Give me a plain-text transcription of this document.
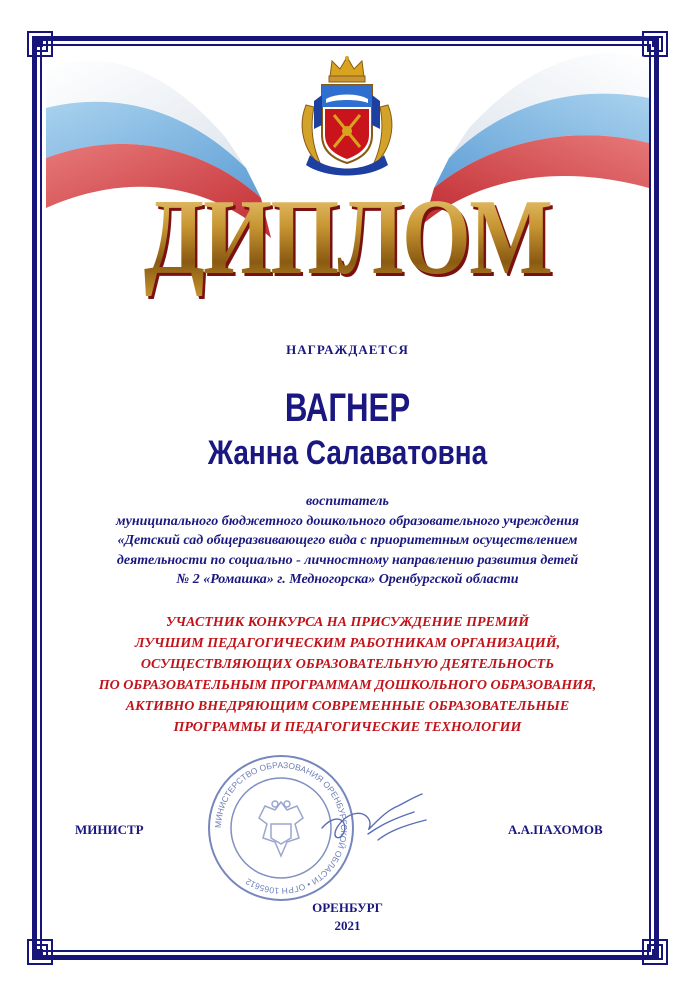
ДИПЛОМ
НАГРАЖДАЕТСЯ
ВАГНЕР
Жанна Салаватовна
воспитатель
муниципального бюджетного дошкольного образовательного учреждения
«Детский сад общеразвивающего вида с приоритетным осуществлением
деятельности по социально - личностному направлению развития детей
№ 2 «Ромашка» г. Медногорска» Оренбургской области
УЧАСТНИК КОНКУРСА НА ПРИСУЖДЕНИЕ ПРЕМИЙ
ЛУЧШИМ ПЕДАГОГИЧЕСКИМ РАБОТНИКАМ ОРГАНИЗАЦИЙ,
ОСУЩЕСТВЛЯЮЩИХ ОБРАЗОВАТЕЛЬНУЮ ДЕЯТЕЛЬНОСТЬ
ПО ОБРАЗОВАТЕЛЬНЫМ ПРОГРАММАМ ДОШКОЛЬНОГО ОБРАЗОВАНИЯ,
АКТИВНО ВНЕДРЯЮЩИМ СОВРЕМЕННЫЕ ОБРАЗОВАТЕЛЬНЫЕ
ПРОГРАММЫ И ПЕДАГОГИЧЕСКИЕ ТЕХНОЛОГИИ
МИНИСТЕРСТВО ОБРАЗОВАНИЯ ОРЕНБУРГСКОЙ ОБЛАСТИ • ОГРН 1065612
МИНИСТР	А.А.ПАХОМОВ
ОРЕНБУРГ
2021
